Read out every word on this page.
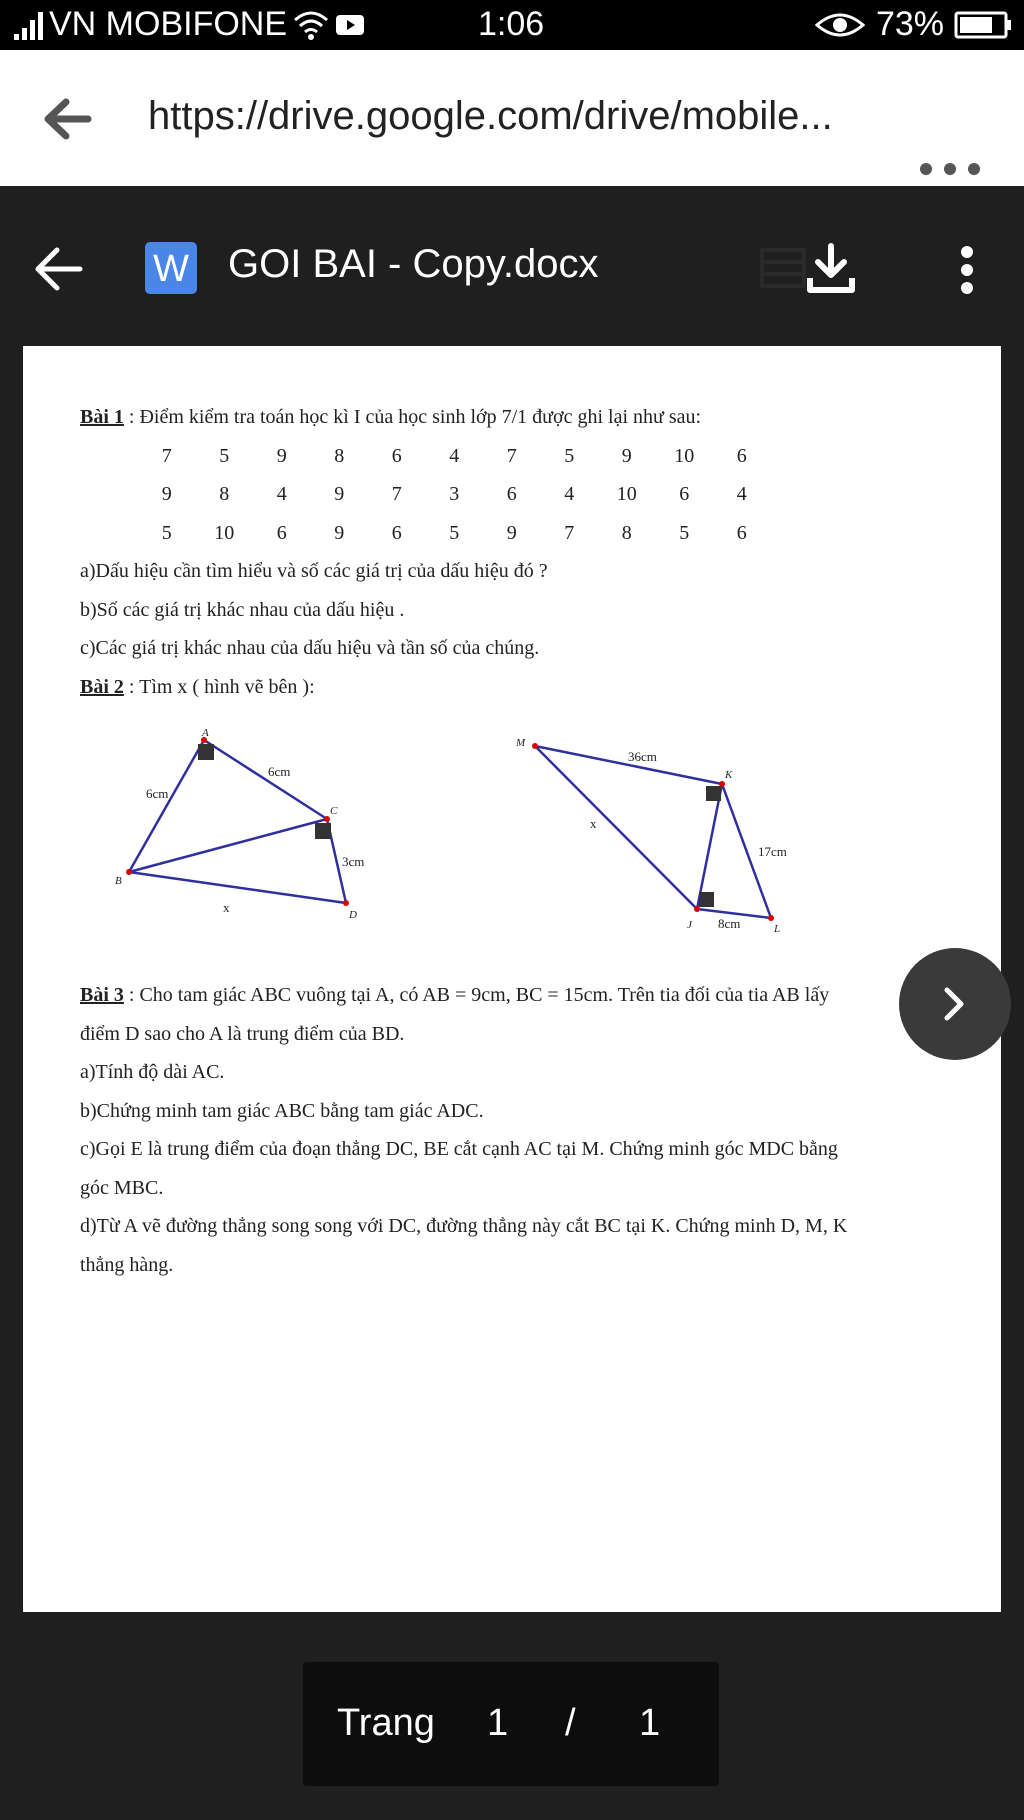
VN MOBIFONE	1:06	73%
https://drive.google.com/drive/mobile...
W GOI BAI - Copy.docx

Bài 1 : Điểm kiểm tra toán học kì I của học sinh lớp 7/1 được ghi lại như sau:

7	5	9	8	6	4	7	5	9	10	6
9	8	4	9	7	3	6	4	10	6	4
5	10	6	9	6	5	9	7	8	5	6

a)Dấu hiệu cần tìm hiểu và số các giá trị của dấu hiệu đó ?

b)Số các giá trị khác nhau của dấu hiệu .

c)Các giá trị khác nhau của dấu hiệu và tần số của chúng.

Bài 2 : Tìm x ( hình vẽ bên ):

A
B
C
D
6cm
6cm
3cm
x
M
K
J	L
36cm
17cm
8cm
x

Bài 3 : Cho tam giác ABC vuông tại A, có AB = 9cm, BC = 15cm. Trên tia đối của tia AB lấy

điểm D sao cho A là trung điểm của BD.

a)Tính độ dài AC.

b)Chứng minh tam giác ABC bằng tam giác ADC.

c)Gọi E là trung điểm của đoạn thẳng DC, BE cắt cạnh AC tại M. Chứng minh góc MDC bằng

góc MBC.

d)Từ A vẽ đường thẳng song song với DC, đường thẳng này cắt BC tại K. Chứng minh D, M, K

thẳng hàng.

Trang 1 / 1
